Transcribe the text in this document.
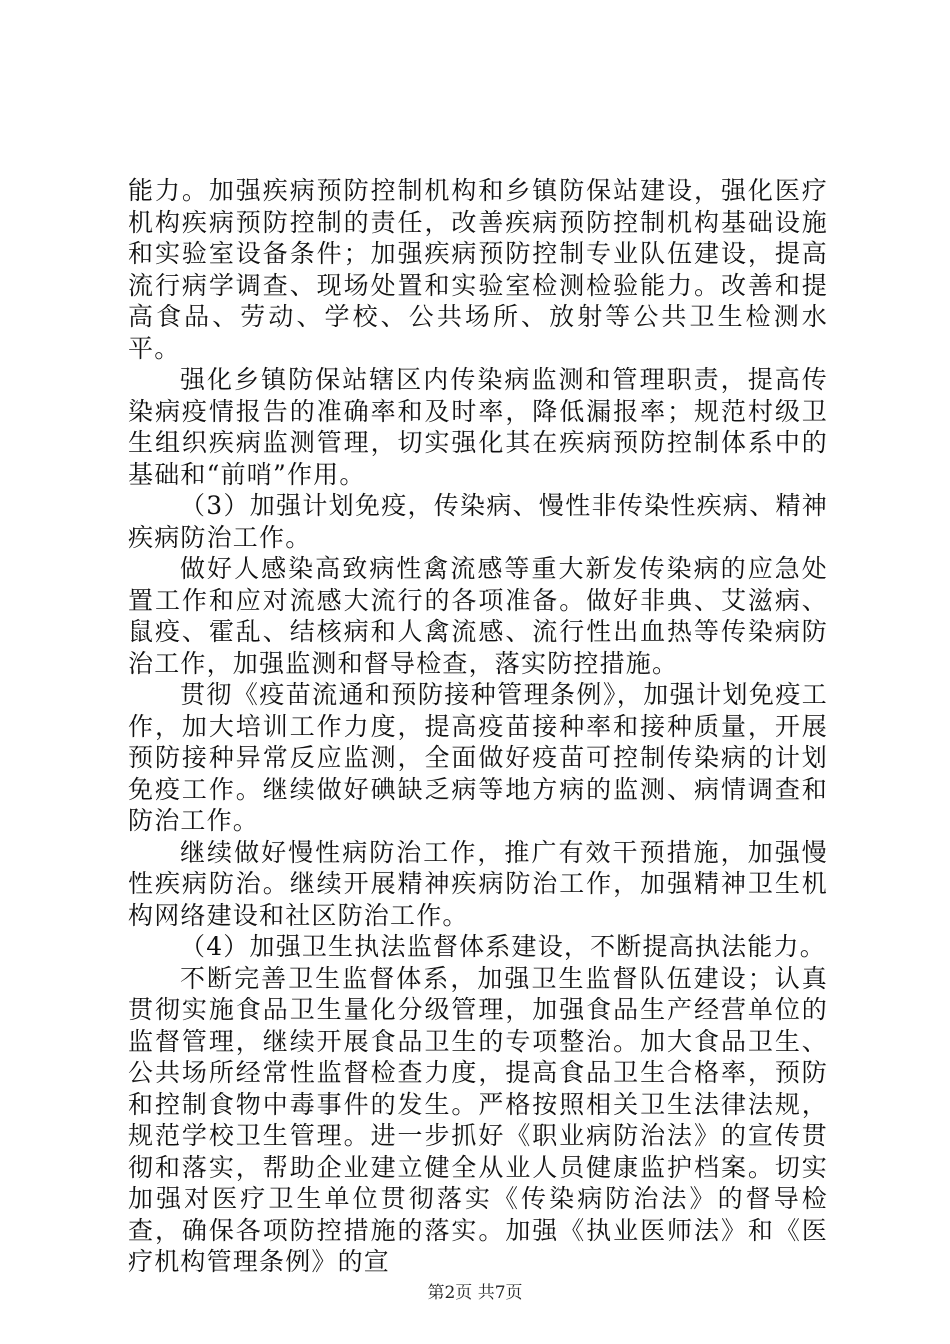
能力。加强疾病预防控制机构和乡镇防保站建设，强化医疗机构疾病预防控制的责任，改善疾病预防控制机构基础设施和实验室设备条件；加强疾病预防控制专业队伍建设，提高流行病学调查、现场处置和实验室检测检验能力。改善和提高食品、劳动、学校、公共场所、放射等公共卫生检测水平。

强化乡镇防保站辖区内传染病监测和管理职责，提高传染病疫情报告的准确率和及时率，降低漏报率；规范村级卫生组织疾病监测管理，切实强化其在疾病预防控制体系中的基础和“前哨”作用。

（3）加强计划免疫，传染病、慢性非传染性疾病、精神疾病防治工作。

做好人感染高致病性禽流感等重大新发传染病的应急处置工作和应对流感大流行的各项准备。做好非典、艾滋病、鼠疫、霍乱、结核病和人禽流感、流行性出血热等传染病防治工作，加强监测和督导检查，落实防控措施。

贯彻《疫苗流通和预防接种管理条例》，加强计划免疫工作，加大培训工作力度，提高疫苗接种率和接种质量，开展预防接种异常反应监测，全面做好疫苗可控制传染病的计划免疫工作。继续做好碘缺乏病等地方病的监测、病情调查和防治工作。

继续做好慢性病防治工作，推广有效干预措施，加强慢性疾病防治。继续开展精神疾病防治工作，加强精神卫生机构网络建设和社区防治工作。

（4）加强卫生执法监督体系建设，不断提高执法能力。

不断完善卫生监督体系，加强卫生监督队伍建设；认真贯彻实施食品卫生量化分级管理，加强食品生产经营单位的监督管理，继续开展食品卫生的专项整治。加大食品卫生、公共场所经常性监督检查力度，提高食品卫生合格率，预防和控制食物中毒事件的发生。严格按照相关卫生法律法规，规范学校卫生管理。进一步抓好《职业病防治法》的宣传贯彻和落实，帮助企业建立健全从业人员健康监护档案。切实加强对医疗卫生单位贯彻落实《传染病防治法》的督导检查，确保各项防控措施的落实。加强《执业医师法》和《医疗机构管理条例》的宣

第2页 共7页
